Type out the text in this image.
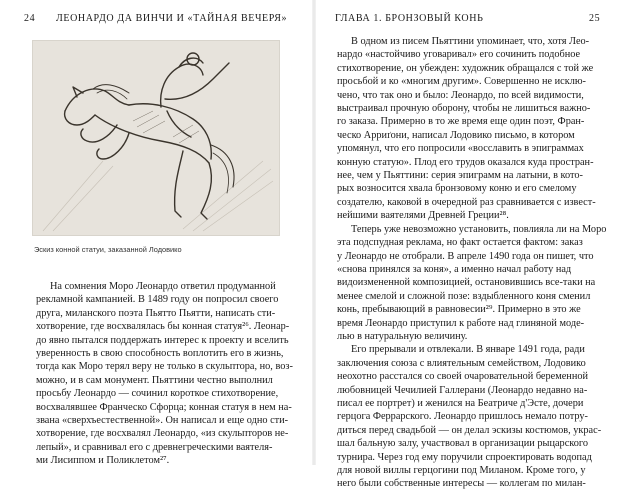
24 ЛЕОНАРДО ДА ВИНЧИ И «ТАЙНАЯ ВЕЧЕРЯ»
Эскиз конной статуи, заказанной Лодовико
На сомнения Моро Леонардо ответил продуманной
рекламной кампанией. В 1489 году он попросил своего
друга, миланского поэта Пьятто Пьятти, написать сти-
хотворение, где восхвалялась бы конная статуя²⁶. Леонар-
до явно пытался поддержать интерес к проекту и вселить
уверенность в свою способность воплотить его в жизнь,
тогда как Моро терял веру не только в скульптора, но, воз-
можно, и в сам монумент. Пьяттини честно выполнил
просьбу Леонардо — сочинил короткое стихотворение,
восхвалявшее Франческо Сфорца; конная статуя в нем на-
звана «сверхъестественной». Он написал и еще одно сти-
хотворение, где восхвалял Леонардо, «из скульпторов не-
лепый», и сравнивал его с древнегреческими ваятеля-
ми Лисиппом и Поликлетом²⁷.
ГЛАВА 1. БРОНЗОВЫЙ КОНЬ	25
В одном из писем Пьяттини упоминает, что, хотя Лео-
нардо «настойчиво уговаривал» его сочинить подобное
стихотворение, он убежден: художник обращался с той же
просьбой и ко «многим другим». Совершенно не исклю-
чено, что так оно и было: Леонардо, по всей видимости,
выстраивал прочную оборону, чтобы не лишиться важно-
го заказа. Примерно в то же время еще один поэт, Фран-
ческо Арриґони, написал Лодовико письмо, в котором
упомянул, что его попросили «восславить в эпиграммах
конную статую». Плод его трудов оказался куда простран-
нее, чем у Пьяттини: серия эпиграмм на латыни, в кото-
рых возносится хвала бронзовому коню и его смелому
создателю, каковой в очередной раз сравнивается с извест-
нейшими ваятелями Древней Греции²⁸.
Теперь уже невозможно установить, повлияла ли на Моро
эта подспудная реклама, но факт остается фактом: заказ
у Леонардо не отобрали. В апреле 1490 года он пишет, что
«снова принялся за коня», а именно начал работу над
видоизмененной композицией, остановившись все-таки на
менее смелой и сложной позе: вздыбленного коня сменил
конь, пребывающий в равновесии²⁹. Примерно в это же
время Леонардо приступил к работе над глиняной моде-
лью в натуральную величину.
Его прерывали и отвлекали. В январе 1491 года, ради
заключения союза с влиятельным семейством, Лодовико
неохотно расстался со своей очаровательной беременной
любовницей Чечилией Галлерани (Леонардо недавно на-
писал ее портрет) и женился на Беатриче д'Эсте, дочери
герцога Феррарского. Леонардо пришлось немало потру-
диться перед свадьбой — он делал эскизы костюмов, украс-
шал бальную залу, участвовал в организации рыцарского
турнира. Через год ему поручили спроектировать водопад
для новой виллы герцогини под Миланом. Кроме того, у
него были собственные интересы — коллегам по милан-
